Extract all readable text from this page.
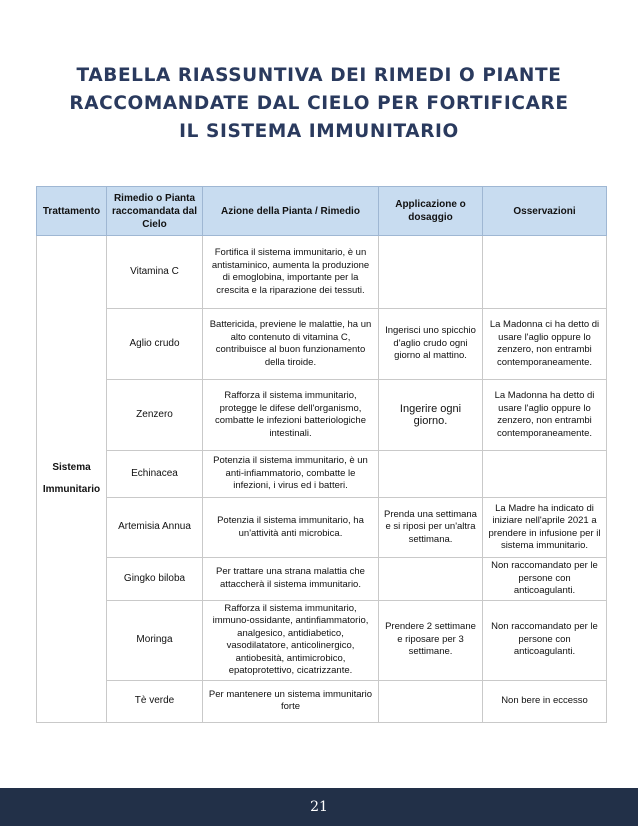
TABELLA RIASSUNTIVA DEI RIMEDI O PIANTE
RACCOMANDATE DAL CIELO PER FORTIFICARE
IL SISTEMA IMMUNITARIO
Trattamento	Rimedio o Pianta raccomandata dal Cielo	Azione della Pianta / Rimedio	Applicazione o dosaggio	Osservazioni

Sistema
Immunitario	Vitamina C	Fortifica il sistema immunitario, è un antistaminico, aumenta la produzione di emoglobina, importante per la crescita e la riparazione dei tessuti.		
	Aglio crudo	Battericida, previene le malattie, ha un alto contenuto di vitamina C, contribuisce al buon funzionamento della tiroide.	Ingerisci uno spicchio d'aglio crudo ogni giorno al mattino.	La Madonna ci ha detto di usare l'aglio oppure lo zenzero, non entrambi contemporaneamente.
	Zenzero	Rafforza il sistema immunitario, protegge le difese dell'organismo, combatte le infezioni batteriologiche intestinali.	Ingerire ogni giorno.	La Madonna ha detto di usare l'aglio oppure lo zenzero, non entrambi contemporaneamente.
	Echinacea	Potenzia il sistema immunitario, è un anti-infiammatorio, combatte le infezioni, i virus ed i batteri.		
	Artemisia Annua	Potenzia il sistema immunitario, ha un'attività anti microbica.	Prenda una settimana e si riposi per un'altra settimana.	La Madre ha indicato di iniziare nell'aprile 2021 a prendere in infusione per il sistema immunitario.
	Gingko biloba	Per trattare una strana malattia che attaccherà il sistema immunitario.		Non raccomandato per le persone con anticoagulanti.
	Moringa	Rafforza il sistema immunitario, immuno-ossidante, antinfiammatorio, analgesico, antidiabetico, vasodilatatore, anticolinergico, antiobesità, antimicrobico, epatoprotettivo, cicatrizzante.	Prendere 2 settimane e riposare per 3 settimane.	Non raccomandato per le persone con anticoagulanti.
	Tè verde	Per mantenere un sistema immunitario forte		Non bere in eccesso
21
